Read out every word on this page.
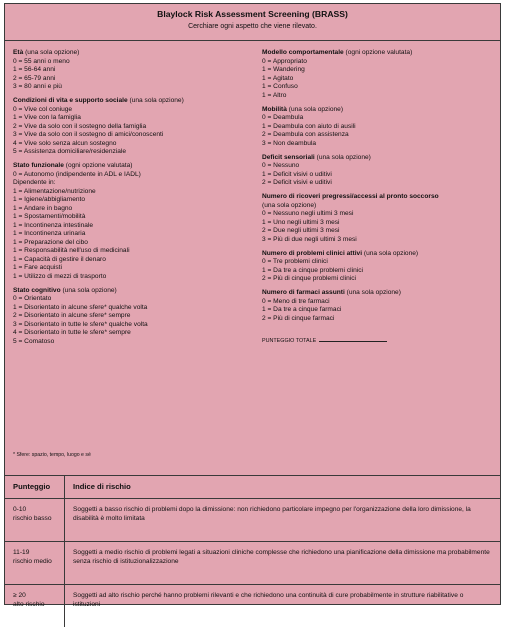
Blaylock Risk Assessment Screening (BRASS)
Cerchiare ogni aspetto che viene rilevato.
Età (una sola opzione)
0 = 55 anni o meno
1 = 56-64 anni
2 = 65-79 anni
3 = 80 anni e più
Condizioni di vita e supporto sociale (una sola opzione)
0 = Vive col coniuge
1 = Vive con la famiglia
2 = Vive da solo con il sostegno della famiglia
3 = Vive da solo con il sostegno di amici/conoscenti
4 = Vive solo senza alcun sostegno
5 = Assistenza domiciliare/residenziale
Stato funzionale (ogni opzione valutata)
0 = Autonomo (indipendente in ADL e IADL)
Dipendente in:
1 = Alimentazione/nutrizione
1 = Igiene/abbigliamento
1 = Andare in bagno
1 = Spostamenti/mobilità
1 = Incontinenza intestinale
1 = Incontinenza urinaria
1 = Preparazione del cibo
1 = Responsabilità nell'uso di medicinali
1 = Capacità di gestire il denaro
1 = Fare acquisti
1 = Utilizzo di mezzi di trasporto
Stato cognitivo (una sola opzione)
0 = Orientato
1 = Disorientato in alcune sfere* qualche volta
2 = Disorientato in alcune sfere* sempre
3 = Disorientato in tutte le sfere* qualche volta
4 = Disorientato in tutte le sfere* sempre
5 = Comatoso
Modello comportamentale (ogni opzione valutata)
0 = Appropriato
1 = Wandering
1 = Agitato
1 = Confuso
1 = Altro
Mobilità (una sola opzione)
0 = Deambula
1 = Deambula con aiuto di ausili
2 = Deambula con assistenza
3 = Non deambula
Deficit sensoriali (una sola opzione)
0 = Nessuno
1 = Deficit visivi o uditivi
2 = Deficit visivi e uditivi
Numero di ricoveri pregressi/accessi al pronto soccorso
(una sola opzione)
0 = Nessuno negli ultimi 3 mesi
1 = Uno negli ultimi 3 mesi
2 = Due negli ultimi 3 mesi
3 = Più di due negli ultimi 3 mesi
Numero di problemi clinici attivi (una sola opzione)
0 = Tre problemi clinici
1 = Da tre a cinque problemi clinici
2 = Più di cinque problemi clinici
Numero di farmaci assunti (una sola opzione)
0 = Meno di tre farmaci
1 = Da tre a cinque farmaci
2 = Più di cinque farmaci
PUNTEGGIO TOTALE
* Sfere: spazio, tempo, luogo e sé
Punteggio	Indice di rischio

0-10
rischio basso	Soggetti a basso rischio di problemi dopo la dimissione: non richiedono particolare impegno per l'organizzazione della loro dimissione, la disabilità è molto limitata

11-19
rischio medio	Soggetti a medio rischio di problemi legati a situazioni cliniche complesse che richiedono una pianificazione della dimissione ma probabilmente senza rischio di istituzionalizzazione

≥ 20
alto rischio	Soggetti ad alto rischio perché hanno problemi rilevanti e che richiedono una continuità di cure probabilmente in strutture riabilitative o istituzioni
